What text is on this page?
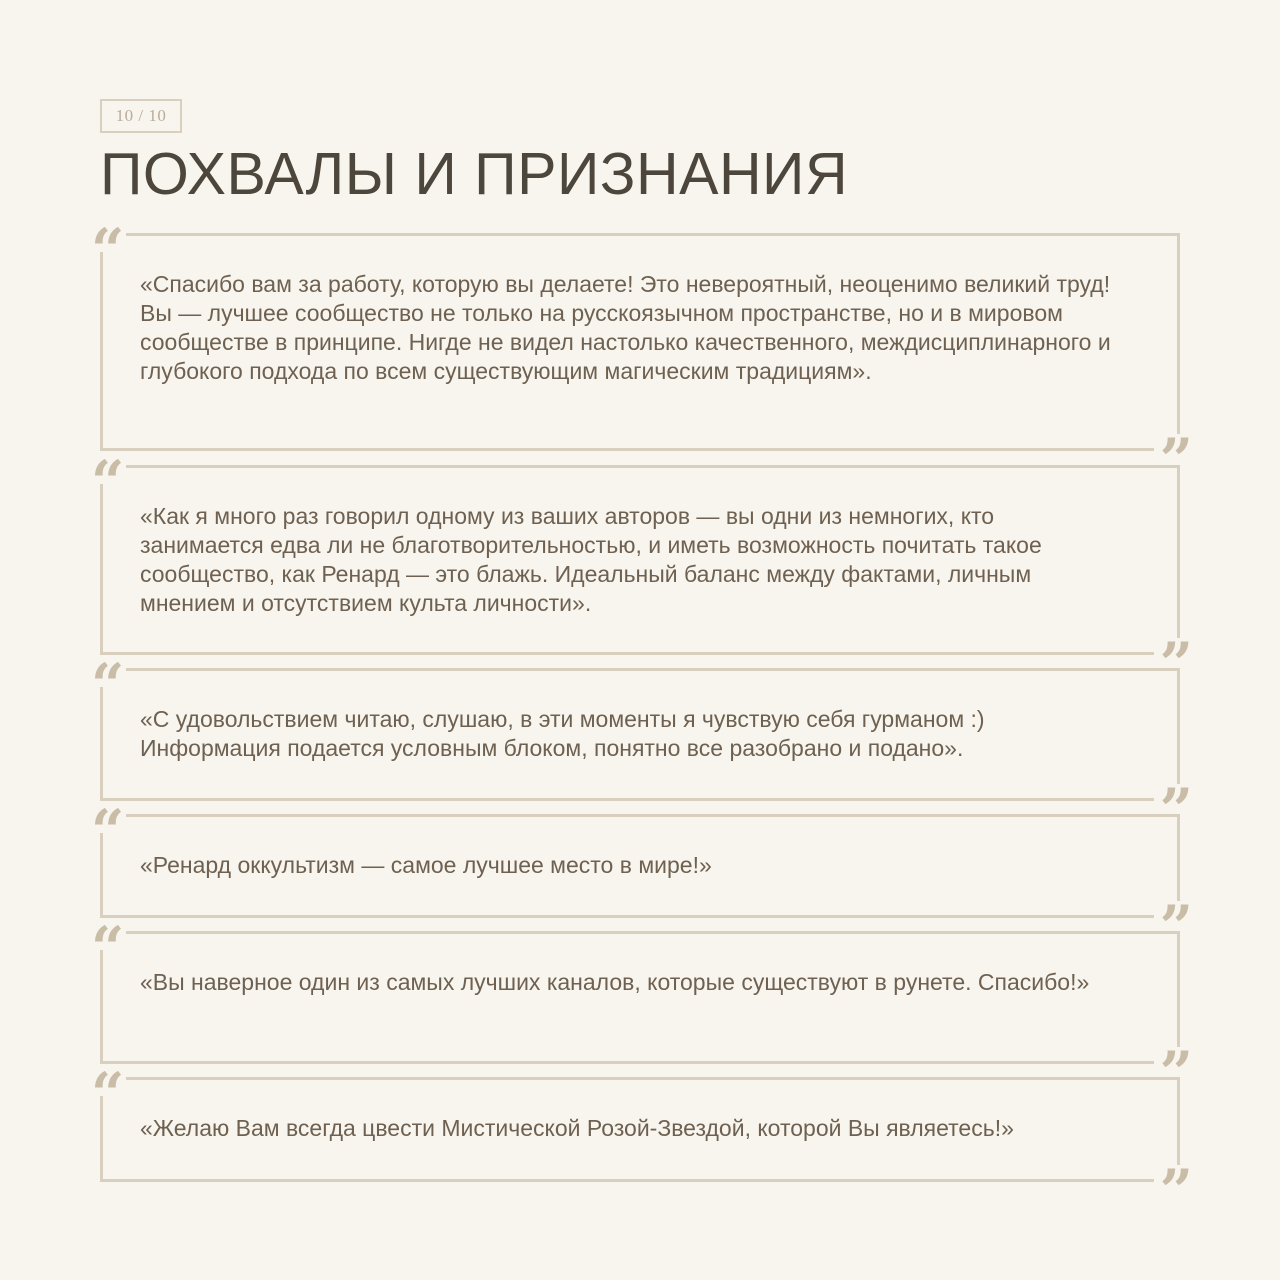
10 / 10
ПОХВАЛЫ И ПРИЗНАНИЯ
“ «Спасибо вам за работу, которую вы делаете! Это невероятный, неоценимо великий труд! Вы — лучшее сообщество не только на русскоязычном пространстве, но и в мировом сообществе в принципе. Нигде не видел настолько качественного, междисциплинарного и глубокого подхода по всем существующим магическим традициям».

”
“ «Как я много раз говорил одному из ваших авторов — вы одни из немногих, кто занимается едва ли не благотворительностью, и иметь возможность почитать такое сообщество, как Ренард — это блажь. Идеальный баланс между фактами, личным мнением и отсутствием культа личности».

”
“ «С удовольствием читаю, слушаю, в эти моменты я чувствую себя гурманом :) Информация подается условным блоком, понятно все разобрано и подано».

”
“ «Ренард оккультизм — самое лучшее место в мире!»

”
“ «Вы наверное один из самых лучших каналов, которые существуют в рунете. Спасибо!»

”
“ «Желаю Вам всегда цвести Мистической Розой-Звездой, которой Вы являетесь!»

”
